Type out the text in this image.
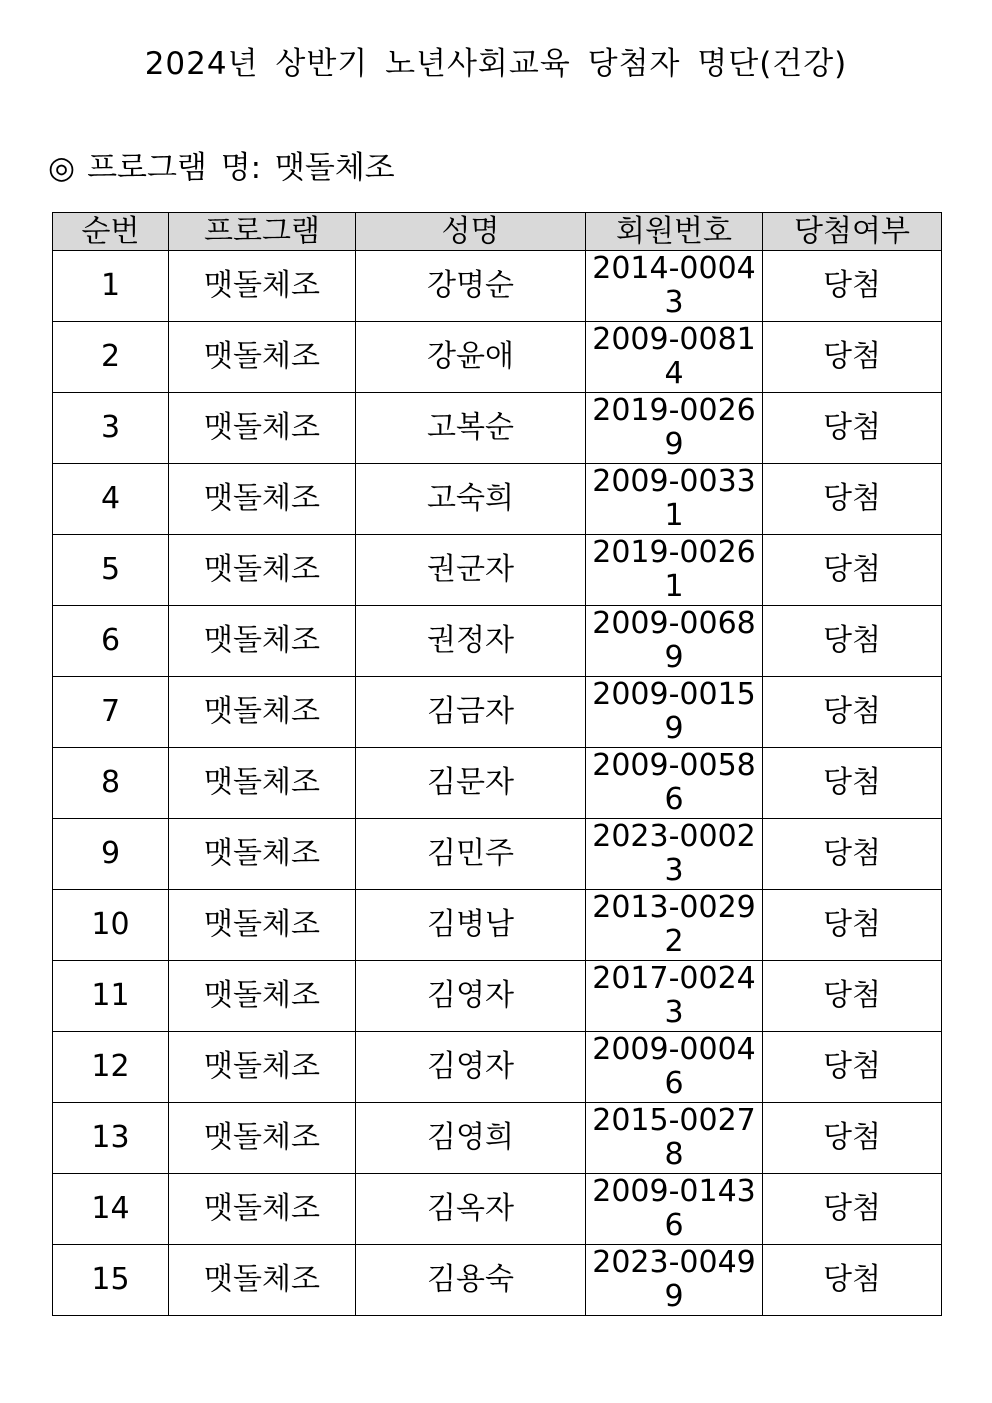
2024년 상반기 노년사회교육 당첨자 명단(건강)
◎ 프로그램 명: 맷돌체조
순번	프로그램	성명	회원번호	당첨여부
1	맷돌체조	강명순	2014-00043	당첨
2	맷돌체조	강윤애	2009-00814	당첨
3	맷돌체조	고복순	2019-00269	당첨
4	맷돌체조	고숙희	2009-00331	당첨
5	맷돌체조	권군자	2019-00261	당첨
6	맷돌체조	권정자	2009-00689	당첨
7	맷돌체조	김금자	2009-00159	당첨
8	맷돌체조	김문자	2009-00586	당첨
9	맷돌체조	김민주	2023-00023	당첨
10	맷돌체조	김병남	2013-00292	당첨
11	맷돌체조	김영자	2017-00243	당첨
12	맷돌체조	김영자	2009-00046	당첨
13	맷돌체조	김영희	2015-00278	당첨
14	맷돌체조	김옥자	2009-01436	당첨
15	맷돌체조	김용숙	2023-00499	당첨
